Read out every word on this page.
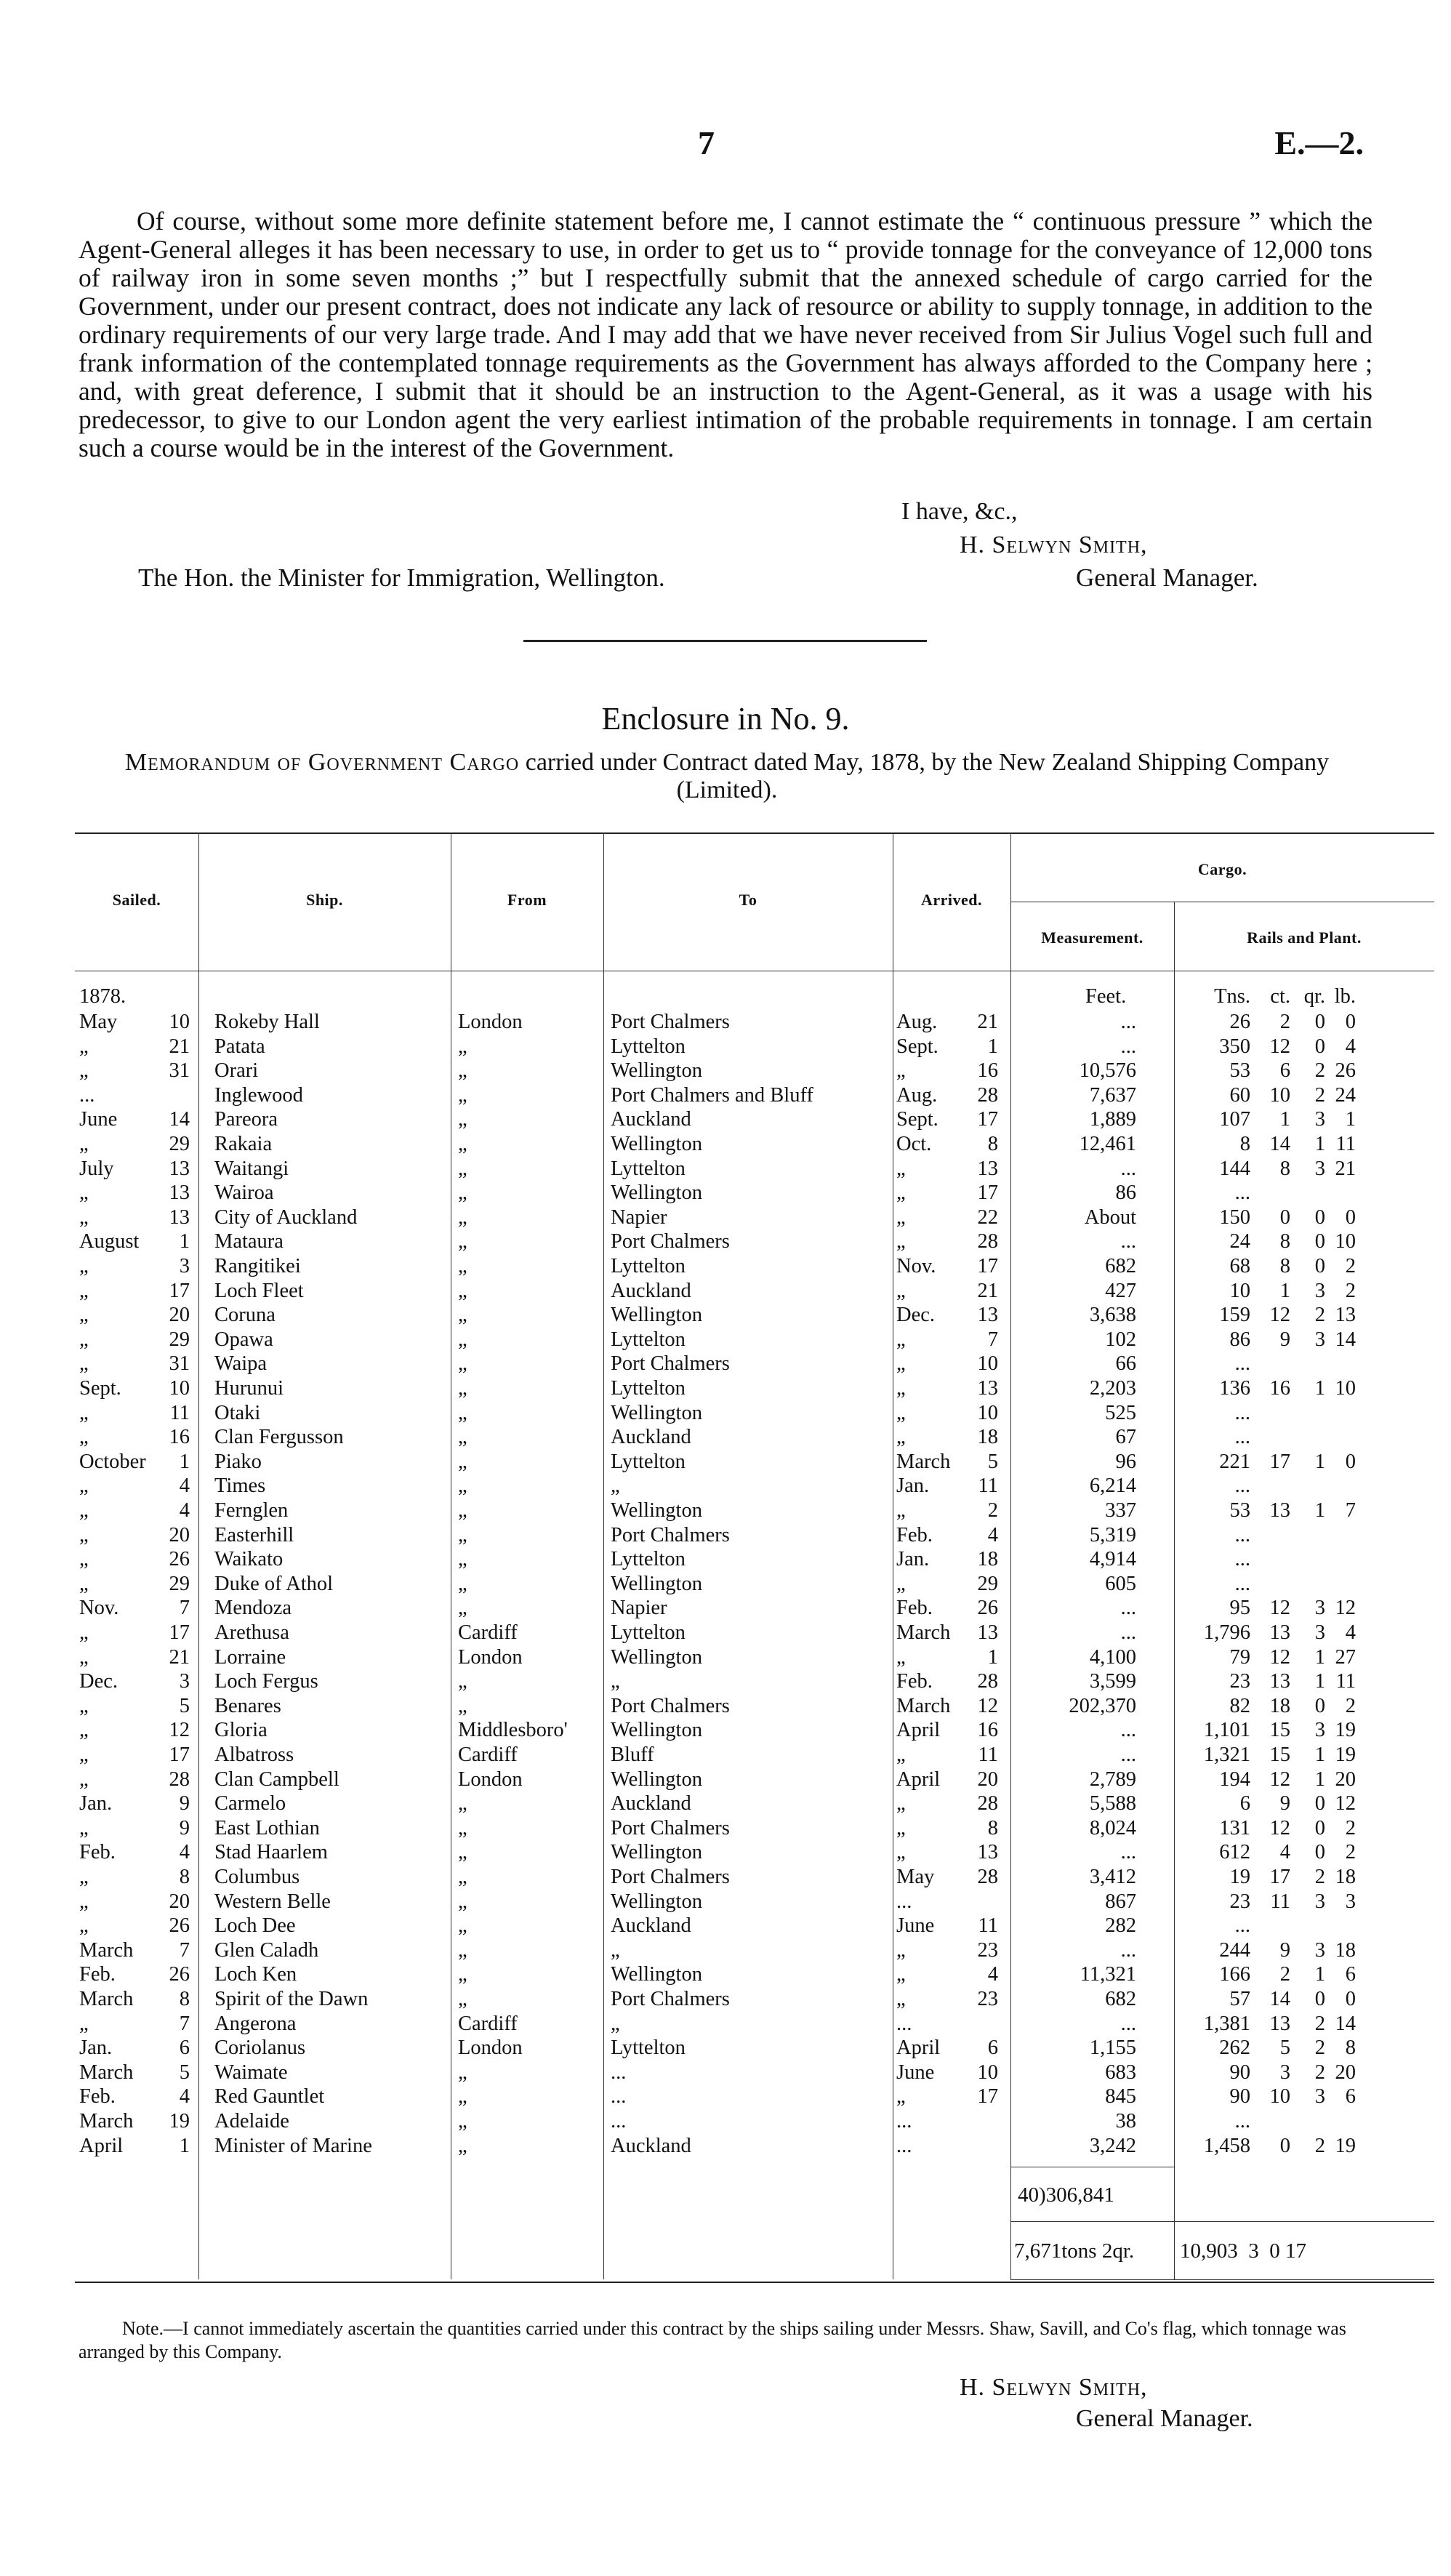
7	E.—2.

Of course, without some more definite statement before me, I cannot estimate the “ continuous pressure ” which the Agent-General alleges it has been necessary to use, in order to get us to “ provide tonnage for the conveyance of 12,000 tons of railway iron in some seven months ;” but I respectfully submit that the annexed schedule of cargo carried for the Government, under our present contract, does not indicate any lack of resource or ability to supply tonnage, in addition to the ordinary requirements of our very large trade. And I may add that we have never received from Sir Julius Vogel such full and frank information of the contemplated tonnage requirements as the Government has always afforded to the Company here ; and, with great deference, I submit that it should be an instruction to the Agent-General, as it was a usage with his predecessor, to give to our London agent the very earliest intimation of the probable requirements in tonnage. I am certain such a course would be in the interest of the Government.

I have, &c.,
H. Selwyn Smith,
The Hon. the Minister for Immigration, Wellington.	General Manager.
Enclosure in No. 9.
Memorandum of Government Cargo carried under Contract dated May, 1878, by the New Zealand Shipping Company (Limited).
Sailed.	Ship.	From	To	Arrived.
Cargo.
Measurement.	Rails and Plant.
1878.	Feet.	Tns. ct. qr. lb.
May	10 Rokeby Hall	London	Port Chalmers	Aug.	21	...	26	2	0 0
„	21 Patata	„	Lyttelton	Sept.	1	...	350 12	0 4
„	31 Orari	„	Wellington	„	16	10,576	53	6	2 26
...	Inglewood	„	Port Chalmers and Bluff	Aug.	28	7,637	60 10	2 24
June	14 Pareora	„	Auckland	Sept.	17	1,889	107	1	3 1
„	29 Rakaia	„	Wellington	Oct.	8	12,461	8 14	1 11
July	13 Waitangi	„	Lyttelton	„	13	...	144	8	3 21
„	13 Wairoa	„	Wellington	„	17	86	...
„	13 City of Auckland	„	Napier	„	22	About	150	0	0 0
August	1 Mataura	„	Port Chalmers	„	28	...	24	8	0 10
„	3 Rangitikei	„	Lyttelton	Nov.	17	682	68	8	0 2
„	17 Loch Fleet	„	Auckland	„	21	427	10	1	3 2
„	20 Coruna	„	Wellington	Dec.	13	3,638	159 12	2 13
„	29 Opawa	„	Lyttelton	„	7	102	86	9	3 14
„	31 Waipa	„	Port Chalmers	„	10	66	...
Sept.	10 Hurunui	„	Lyttelton	„	13	2,203	136 16	1 10
„	11 Otaki	„	Wellington	„	10	525	...
„	16 Clan Fergusson	„	Auckland	„	18	67	...
October	1 Piako	„	Lyttelton	March	5	96	221 17	1 0
„	4 Times	„	„	Jan.	11	6,214	...
„	4 Fernglen	„	Wellington	„	2	337	53 13	1 7
„	20 Easterhill	„	Port Chalmers	Feb.	4	5,319	...
„	26 Waikato	„	Lyttelton	Jan.	18	4,914	...
„	29 Duke of Athol	„	Wellington	„	29	605	...
Nov.	7 Mendoza	„	Napier	Feb.	26	...	95 12	3 12
„	17 Arethusa	Cardiff	Lyttelton	March	13	...	1,796 13	3 4
„	21 Lorraine	London	Wellington	„	1	4,100	79 12	1 27
Dec.	3 Loch Fergus	„	„	Feb.	28	3,599	23 13	1 11
„	5 Benares	„	Port Chalmers	March	12	202,370	82 18	0 2
„	12 Gloria	Middlesboro'	Wellington	April	16	...	1,101 15	3 19
„	17 Albatross	Cardiff	Bluff	„	11	...	1,321 15	1 19
„	28 Clan Campbell	London	Wellington	April	20	2,789	194 12	1 20
Jan.	9 Carmelo	„	Auckland	„	28	5,588	6	9	0 12
„	9 East Lothian	„	Port Chalmers	„	8	8,024	131 12	0 2
Feb.	4 Stad Haarlem	„	Wellington	„	13	...	612	4	0 2
„	8 Columbus	„	Port Chalmers	May	28	3,412	19 17	2 18
„	20 Western Belle	„	Wellington	...	867	23 11	3 3
„	26 Loch Dee	„	Auckland	June	11	282	...
March	7 Glen Caladh	„	„	„	23	...	244	9	3 18
Feb.	26 Loch Ken	„	Wellington	„	4	11,321	166	2	1 6
March	8 Spirit of the Dawn	„	Port Chalmers	„	23	682	57 14	0 0
„	7 Angerona	Cardiff	„	...	...	1,381 13	2 14
Jan.	6 Coriolanus	London	Lyttelton	April	6	1,155	262	5	2 8
March	5 Waimate	„	...	June	10	683	90	3	2 20
Feb.	4 Red Gauntlet	„	...	„	17	845	90 10	3 6
March	19 Adelaide	„	...	...	38	...
April	1 Minister of Marine	„	Auckland	...	3,242	1,458	0	2 19
40)306,841
7,671tons 2qr. 10,903  3  0 17
Note.—I cannot immediately ascertain the quantities carried under this contract by the ships sailing under Messrs. Shaw, Savill, and Co's flag, which tonnage was arranged by this Company.
H. Selwyn Smith,
General Manager.
